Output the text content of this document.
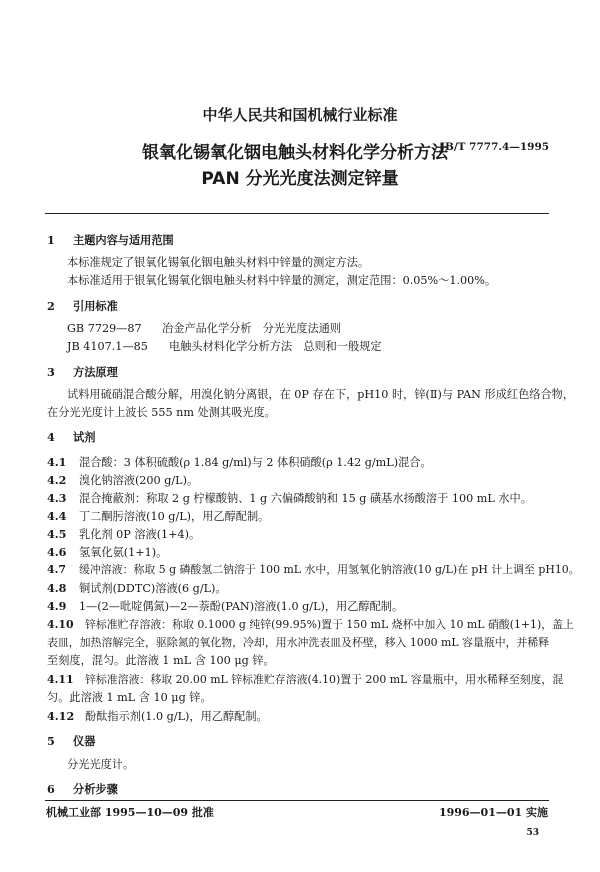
中华人民共和国机械行业标准
JB/T 7777.4—1995
银氧化锡氧化铟电触头材料化学分析方法
PAN 分光光度法测定锌量
1 主题内容与适用范围
本标准规定了银氧化锡氧化铟电触头材料中锌量的测定方法。
本标准适用于银氧化锡氧化铟电触头材料中锌量的测定，测定范围：0.05%～1.00%。
2 引用标准
GB 7729—87 冶金产品化学分析　分光光度法通则
JB 4107.1—85 电触头材料化学分析方法　总则和一般规定
3 方法原理
试料用硫硝混合酸分解，用溴化钠分离银，在 0P 存在下，pH10 时，锌(Ⅱ)与 PAN 形成红色络合物，
在分光光度计上波长 555 nm 处测其吸光度。
4 试剂
4.1 混合酸：3 体积硫酸(ρ 1.84 g/ml)与 2 体积硝酸(ρ 1.42 g/mL)混合。
4.2 溴化钠溶液(200 g/L)。
4.3 混合掩蔽剂：称取 2 g 柠檬酸钠、1 g 六偏磷酸钠和 15 g 磺基水扬酸溶于 100 mL 水中。
4.4 丁二酮肟溶液(10 g/L)，用乙醇配制。
4.5 乳化剂 0P 溶液(1+4)。
4.6 氢氧化氨(1+1)。
4.7 缓冲溶液：称取 5 g 磷酸氢二钠溶于 100 mL 水中，用氢氧化钠溶液(10 g/L)在 pH 计上调至 pH10。
4.8 铜试剂(DDTC)溶液(6 g/L)。
4.9 1—(2—吡啶偶氮)—2—萘酚(PAN)溶液(1.0 g/L)，用乙醇配制。
4.10 锌标准贮存溶液：称取 0.1000 g 纯锌(99.95%)置于 150 mL 烧杯中加入 10 mL 硝酸(1+1)，盖上
表皿，加热溶解完全，驱除氮的氧化物，冷却，用水冲洗表皿及杯壁，移入 1000 mL 容量瓶中，并稀释
至刻度，混匀。此溶液 1 mL 含 100 μg 锌。
4.11 锌标准溶液：移取 20.00 mL 锌标准贮存溶液(4.10)置于 200 mL 容量瓶中，用水稀释至刻度，混
匀。此溶液 1 mL 含 10 μg 锌。
4.12 酚酞指示剂(1.0 g/L)，用乙醇配制。
5 仪器
分光光度计。
6 分析步骤
机械工业部 1995—10—09 批准	1996—01—01 实施
53
